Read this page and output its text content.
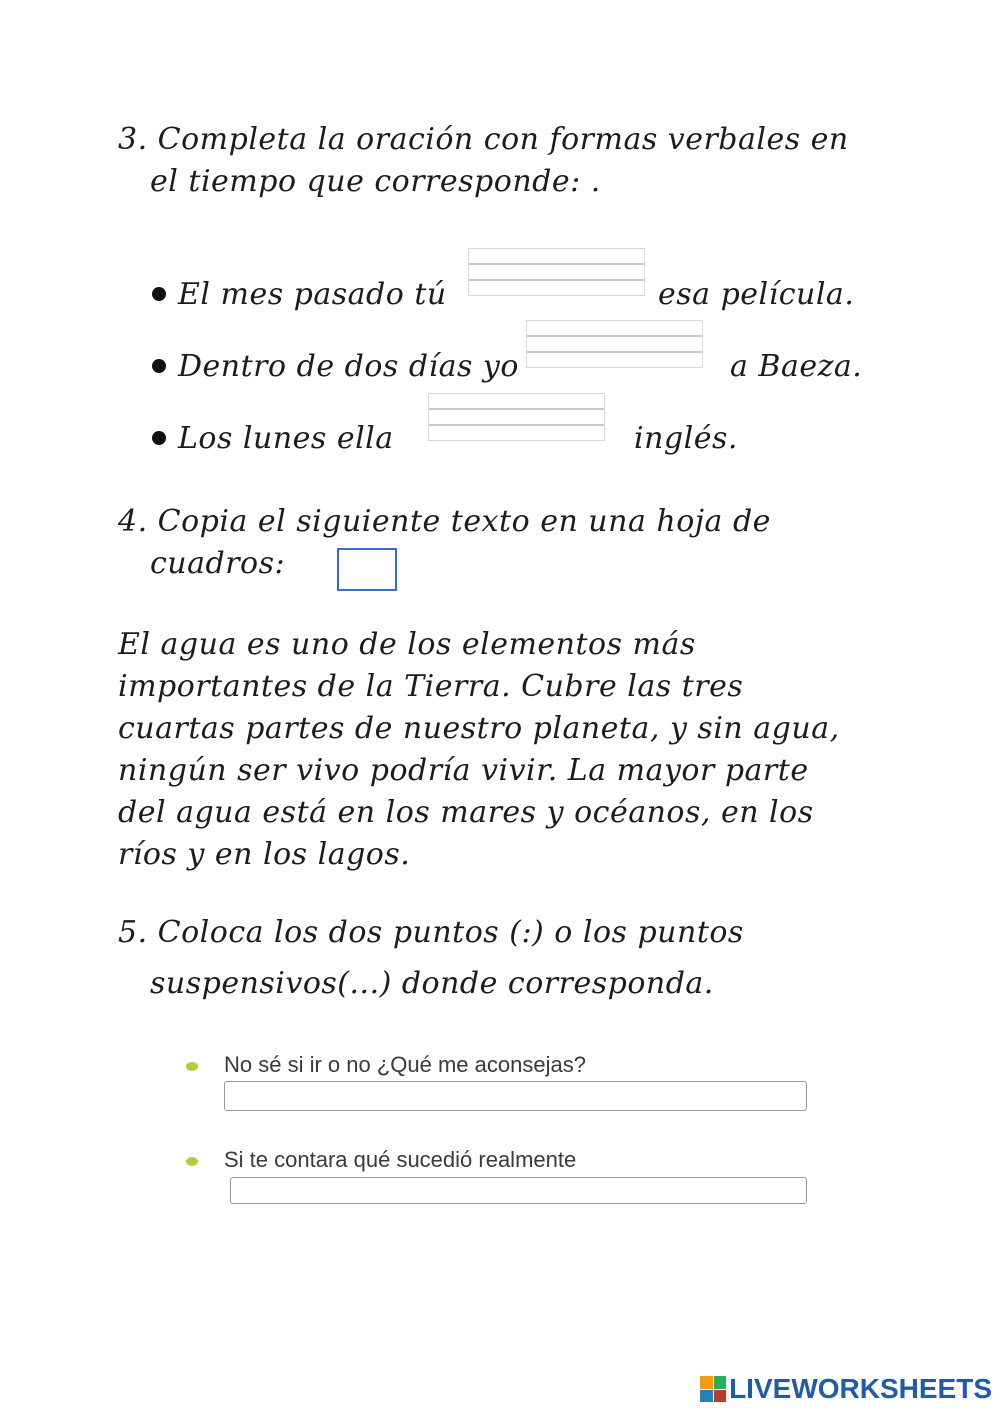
3. Completa la oración con formas verbales en
el tiempo que corresponde: .
El mes pasado tú	esa película.
Dentro de dos días yo	a Baeza.
Los lunes ella	inglés.
4. Copia el siguiente texto en una hoja de
cuadros:
El agua es uno de los elementos más
importantes de la Tierra. Cubre las tres
cuartas partes de nuestro planeta, y sin agua,
ningún ser vivo podría vivir. La mayor parte
del agua está en los mares y océanos, en los
ríos y en los lagos.
5. Coloca los dos puntos (:) o los puntos
suspensivos(...) donde corresponda.
No sé si ir o no ¿Qué me aconsejas?
Si te contara qué sucedió realmente
LIVEWORKSHEETS
